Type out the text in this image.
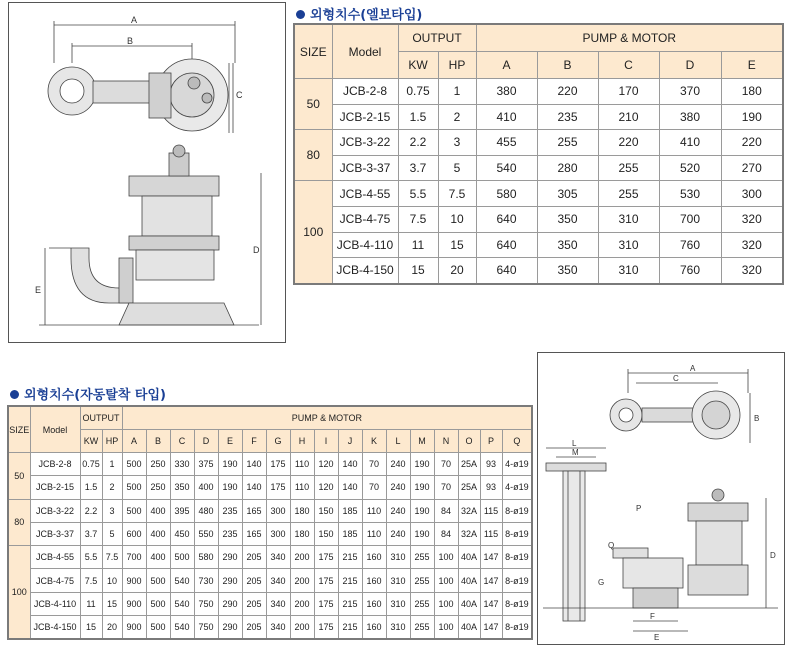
A
B
C
D
E
외형치수(엘보타입)
SIZE	Model	OUTPUT		PUMP & MOTOR				
		KW	HP	A	B	C	D	E
50	JCB-2-8	0.75	1	380	220	170	370	180
	JCB-2-15	1.5	2	410	235	210	380	190
80	JCB-3-22	2.2	3	455	255	220	410	220
	JCB-3-37	3.7	5	540	280	255	520	270
100	JCB-4-55	5.5	7.5	580	305	255	530	300
	JCB-4-75	7.5	10	640	350	310	700	320
	JCB-4-110	11	15	640	350	310	760	320
	JCB-4-150	15	20	640	350	310	760	320
A
C
B
L
M
P
Q
G
D
F
E
외형치수(자동탈착 타입)
SIZE	Model	OUTPUT		PUMP & MOTOR																
		KW	HP	A	B	C	D	E	F	G	H	I	J	K	L	M	N	O	P	Q
50	JCB-2-8	0.75	1	500	250	330	375	190	140	175	110	120	140	70	240	190	70	25A	93	4-ø19
	JCB-2-15	1.5	2	500	250	350	400	190	140	175	110	120	140	70	240	190	70	25A	93	4-ø19
80	JCB-3-22	2.2	3	500	400	395	480	235	165	300	180	150	185	110	240	190	84	32A	115	8-ø19
	JCB-3-37	3.7	5	600	400	450	550	235	165	300	180	150	185	110	240	190	84	32A	115	8-ø19
100	JCB-4-55	5.5	7.5	700	400	500	580	290	205	340	200	175	215	160	310	255	100	40A	147	8-ø19
	JCB-4-75	7.5	10	900	500	540	730	290	205	340	200	175	215	160	310	255	100	40A	147	8-ø19
	JCB-4-110	11	15	900	500	540	750	290	205	340	200	175	215	160	310	255	100	40A	147	8-ø19
	JCB-4-150	15	20	900	500	540	750	290	205	340	200	175	215	160	310	255	100	40A	147	8-ø19
